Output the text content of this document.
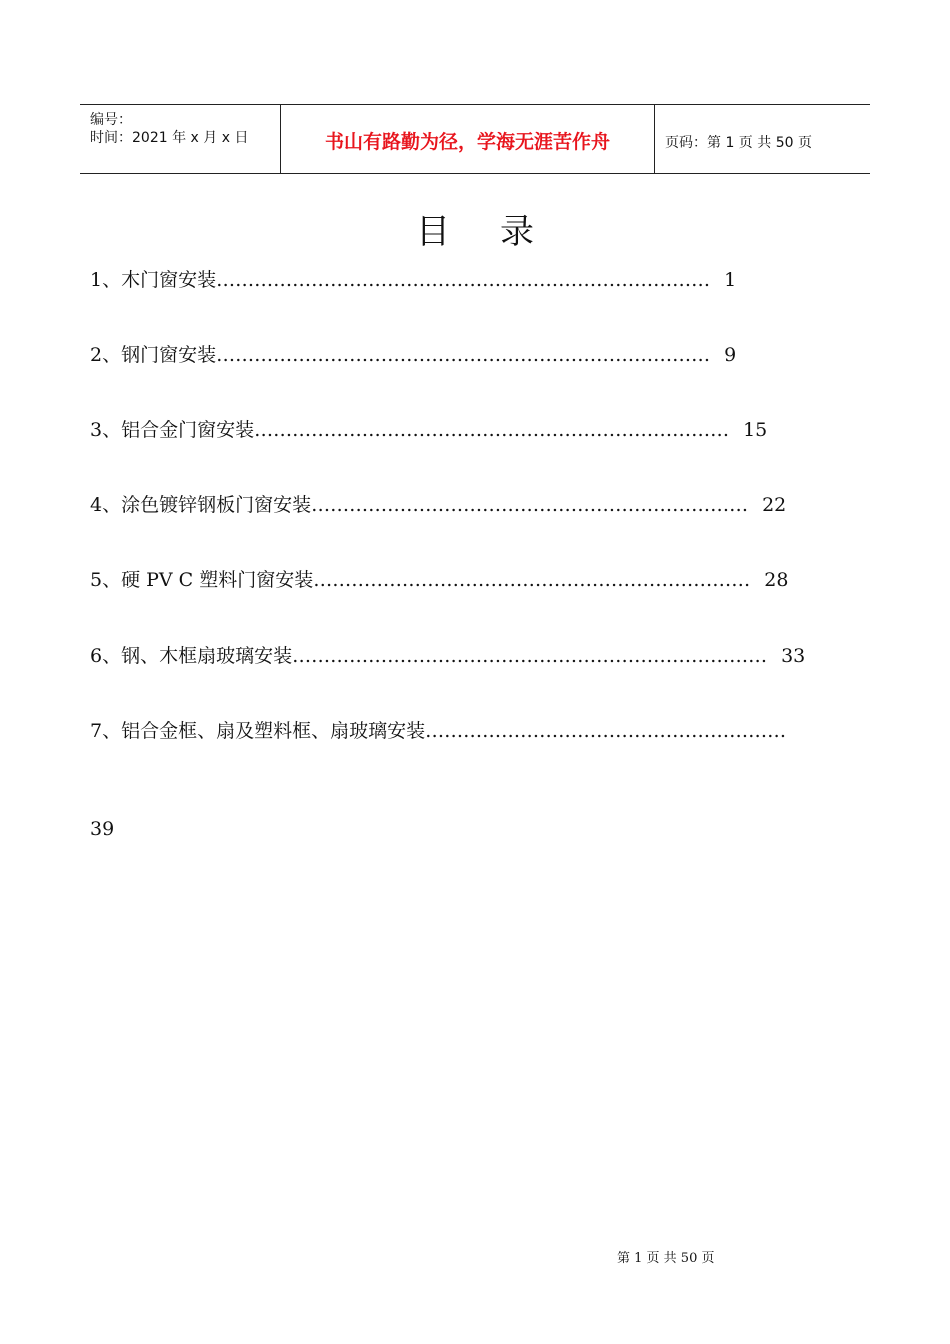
编号：
时间：2021 年 x 月 x 日	书山有路勤为径，学海无涯苦作舟	页码：第 1 页 共 50 页
目 录
1、木门窗安装 …………………………………………………………………… 1
2、钢门窗安装 …………………………………………………………………… 9
3、铝合金门窗安装 ………………………………………………………………… 15
4、涂色镀锌钢板门窗安装 …………………………………………………………… 22
5、硬 PV C 塑料门窗安装 …………………………………………………………… 28
6、钢、木框扇玻璃安装 ………………………………………………………………… 33
7、铝合金框、扇及塑料框、扇玻璃安装 …………………………………………………
39
第 1 页 共 50 页
